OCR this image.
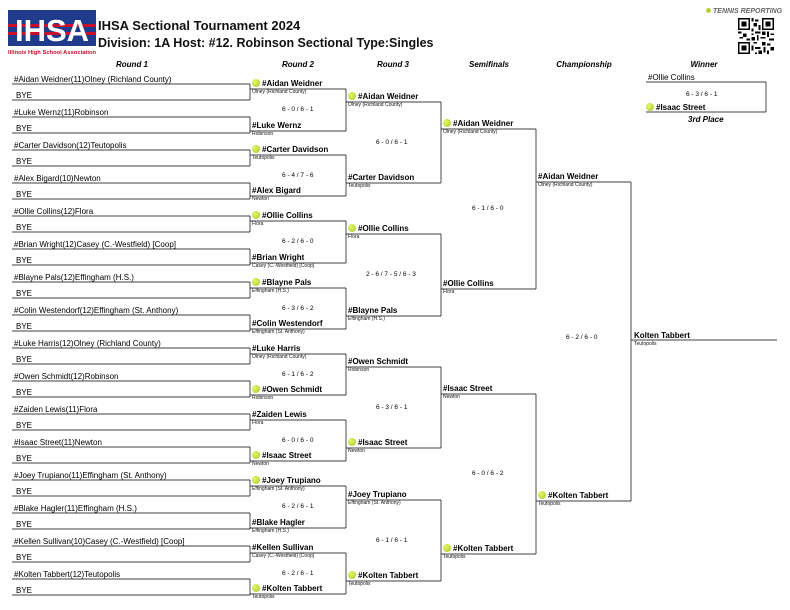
IHSA
Illinois High School Association
IHSA Sectional Tournament 2024
Division: 1A Host: #12. Robinson Sectional Type:Singles
TENNIS REPORTING
Round 1	Round 2	Round 3	Semifinals	Championship	Winner
#Aidan Weidner(11)Olney (Richland County)
BYE
#Luke Wernz(11)Robinson
BYE
#Carter Davidson(12)Teutopolis
BYE
#Alex Bigard(10)Newton
BYE
#Ollie Collins(12)Flora
BYE
#Brian Wright(12)Casey (C.-Westfield) [Coop]
BYE
#Blayne Pals(12)Effingham (H.S.)
BYE
#Colin Westendorf(12)Effingham (St. Anthony)
BYE
#Luke Harris(12)Olney (Richland County)
BYE
#Owen Schmidt(12)Robinson
BYE
#Zaiden Lewis(11)Flora
BYE
#Isaac Street(11)Newton
BYE
#Joey Trupiano(11)Effingham (St. Anthony)
BYE
#Blake Hagler(11)Effingham (H.S.)
BYE
#Kellen Sullivan(10)Casey (C.-Westfield) [Coop]
BYE
#Kolten Tabbert(12)Teutopolis
BYE
#Aidan Weidner
Olney (Richland County)
#Luke Wernz
Robinson
#Carter Davidson
Teutopolis
#Alex Bigard
Newton
#Ollie Collins
Flora
#Brian Wright
Casey (C.-Westfield) [Coop]
#Blayne Pals
Effingham (H.S.)
#Colin Westendorf
Effingham (St. Anthony)
#Luke Harris
Olney (Richland County)
#Owen Schmidt
Robinson
#Zaiden Lewis
Flora
#Isaac Street
Newton
#Joey Trupiano
Effingham (St. Anthony)
#Blake Hagler
Effingham (H.S.)
#Kellen Sullivan
Casey (C.-Westfield) [Coop]
#Kolten Tabbert
Teutopolis
6 - 0 / 6 - 1
6 - 4 / 7 - 6
6 - 2 / 6 - 0
6 - 3 / 6 - 2
6 - 1 / 6 - 2
6 - 0 / 6 - 0
6 - 2 / 6 - 1
6 - 2 / 6 - 1
#Aidan Weidner
Olney (Richland County)
#Carter Davidson
Teutopolis
#Ollie Collins
Flora
#Blayne Pals
Effingham (H.S.)
#Owen Schmidt
Robinson
#Isaac Street
Newton
#Joey Trupiano
Effingham (St. Anthony)
#Kolten Tabbert
Teutopolis
6 - 0 / 6 - 1
2 - 6 / 7 - 5 / 6 - 3
6 - 3 / 6 - 1
6 - 1 / 6 - 1
#Aidan Weidner
Olney (Richland County)
#Ollie Collins
Flora
#Isaac Street
Newton
#Kolten Tabbert
Teutopolis
6 - 1 / 6 - 0
6 - 0 / 6 - 2
#Aidan Weidner
Olney (Richland County)
#Kolten Tabbert
Teutopolis
6 - 2 / 6 - 0	Kolten Tabbert
Teutopolis
#Ollie Collins
#Isaac Street
6 - 3 / 6 - 1
3rd Place
